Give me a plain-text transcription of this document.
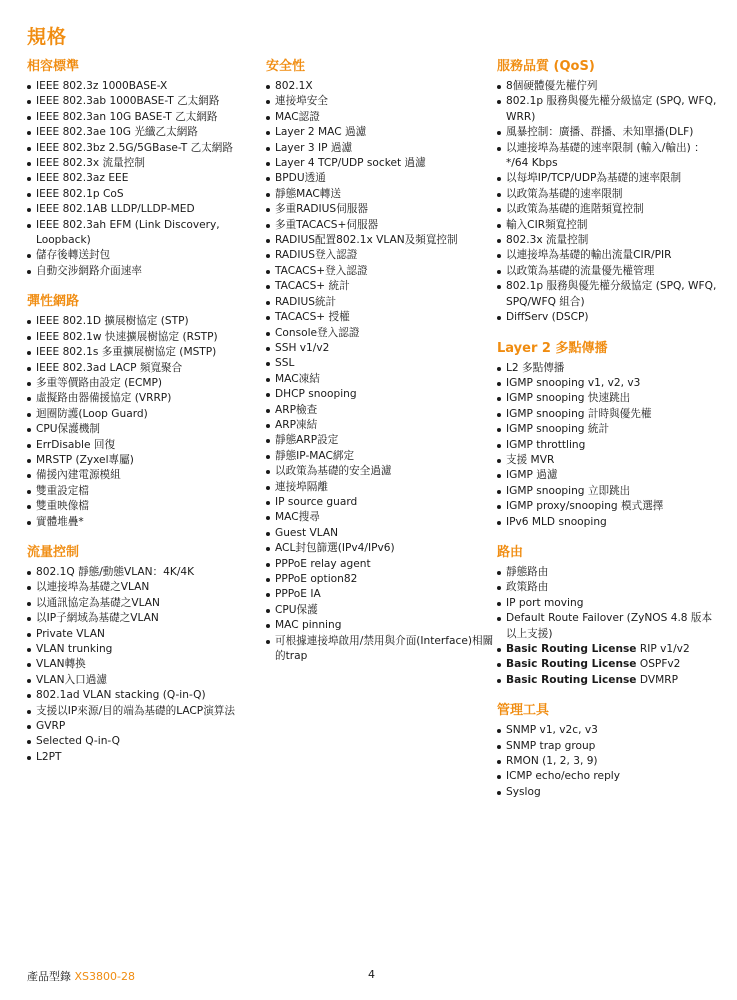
規格
相容標準
IEEE 802.3z 1000BASE-X
IEEE 802.3ab 1000BASE-T 乙太網路
IEEE 802.3an 10G BASE-T 乙太網路
IEEE 802.3ae 10G 光纖乙太網路
IEEE 802.3bz 2.5G/5GBase-T 乙太網路
IEEE 802.3x 流量控制
IEEE 802.3az EEE
IEEE 802.1p CoS
IEEE 802.1AB LLDP/LLDP-MED
IEEE 802.3ah EFM (Link Discovery, Loopback)
儲存後轉送封包
自動交涉網路介面速率
彈性網路
IEEE 802.1D 擴展樹協定 (STP)
IEEE 802.1w 快速擴展樹協定 (RSTP)
IEEE 802.1s 多重擴展樹協定 (MSTP)
IEEE 802.3ad LACP 頻寬聚合
多重等價路由設定 (ECMP)
虛擬路由器備援協定 (VRRP)
迴圈防護(Loop Guard)
CPU保護機制
ErrDisable 回復
MRSTP (Zyxel專屬)
備援內建電源模組
雙重設定檔
雙重映像檔
實體堆疊*
流量控制
802.1Q 靜態/動態VLAN：4K/4K
以連接埠為基礎之VLAN
以通訊協定為基礎之VLAN
以IP子網域為基礎之VLAN
Private VLAN
VLAN trunking
VLAN轉換
VLAN入口過濾
802.1ad VLAN stacking (Q-in-Q)
支援以IP來源/目的端為基礎的LACP演算法
GVRP
Selected Q-in-Q
L2PT
安全性
802.1X
連接埠安全
MAC認證
Layer 2 MAC 過濾
Layer 3 IP 過濾
Layer 4 TCP/UDP socket 過濾
BPDU透通
靜態MAC轉送
多重RADIUS伺服器
多重TACACS+伺服器
RADIUS配置802.1x VLAN及頻寬控制
RADIUS登入認證
TACACS+登入認證
TACACS+ 統計
RADIUS統計
TACACS+ 授權
Console登入認證
SSH v1/v2
SSL
MAC凍結
DHCP snooping
ARP檢查
ARP凍結
靜態ARP設定
靜態IP-MAC綁定
以政策為基礎的安全過濾
連接埠隔離
IP source guard
MAC搜尋
Guest VLAN
ACL封包篩選(IPv4/IPv6)
PPPoE relay agent
PPPoE option82
PPPoE IA
CPU保護
MAC pinning
可根據連接埠啟用/禁用與介面(Interface)相關的trap
服務品質 (QoS)
8個硬體優先權佇列
802.1p 服務與優先權分級協定 (SPQ, WFQ, WRR)
風暴控制：廣播、群播、未知單播(DLF)
以連接埠為基礎的速率限制 (輸入/輸出) ：*/64 Kbps
以每埠IP/TCP/UDP為基礎的速率限制
以政策為基礎的速率限制
以政策為基礎的進階頻寬控制
輸入CIR頻寬控制
802.3x 流量控制
以連接埠為基礎的輸出流量CIR/PIR
以政策為基礎的流量優先權管理
802.1p 服務與優先權分級協定 (SPQ, WFQ, SPQ/WFQ 組合)
DiffServ (DSCP)
Layer 2 多點傳播
L2 多點傳播
IGMP snooping v1, v2, v3
IGMP snooping 快速跳出
IGMP snooping 計時與優先權
IGMP snooping 統計
IGMP throttling
支援 MVR
IGMP 過濾
IGMP snooping 立即跳出
IGMP proxy/snooping 模式選擇
IPv6 MLD snooping
路由
靜態路由
政策路由
IP port moving
Default Route Failover (ZyNOS 4.8 版本以上支援)
Basic Routing License RIP v1/v2
Basic Routing License OSPFv2
Basic Routing License DVMRP
管理工具
SNMP v1, v2c, v3
SNMP trap group
RMON (1, 2, 3, 9)
ICMP echo/echo reply
Syslog
產品型錄 XS3800-28	4
